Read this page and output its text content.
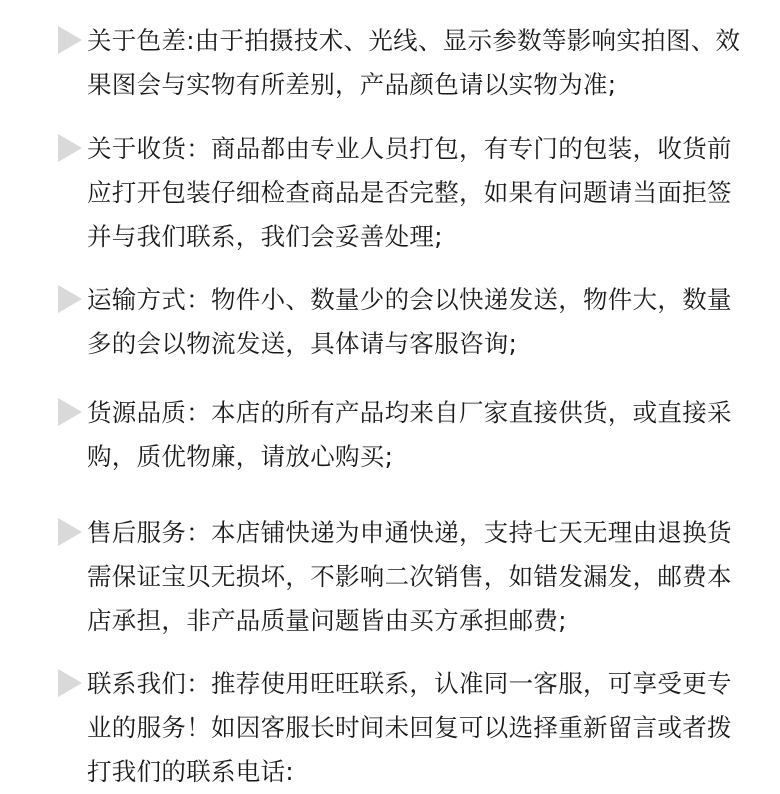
关于色差:由于拍摄技术、光线、显示参数等影响实拍图、效
果图会与实物有所差别，产品颜色请以实物为准;

关于收货：商品都由专业人员打包，有专门的包装，收货前
应打开包装仔细检查商品是否完整，如果有问题请当面拒签
并与我们联系，我们会妥善处理;

运输方式：物件小、数量少的会以快递发送，物件大，数量
多的会以物流发送，具体请与客服咨询;

货源品质：本店的所有产品均来自厂家直接供货，或直接采
购，质优物廉，请放心购买;

售后服务：本店铺快递为申通快递，支持七天无理由退换货
需保证宝贝无损坏，不影响二次销售，如错发漏发，邮费本
店承担，非产品质量问题皆由买方承担邮费;

联系我们：推荐使用旺旺联系，认准同一客服，可享受更专
业的服务！如因客服长时间未回复可以选择重新留言或者拨
打我们的联系电话:
